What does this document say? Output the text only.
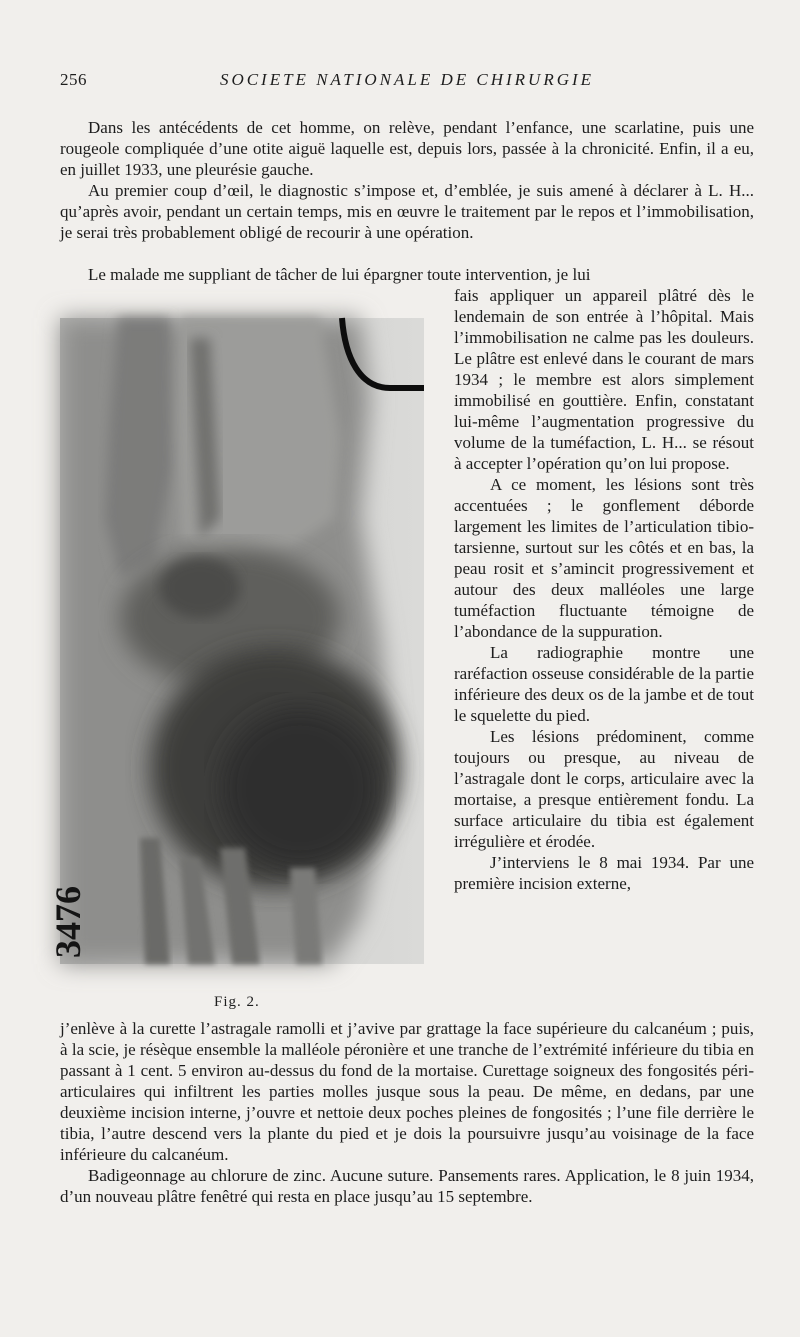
256	SOCIETE NATIONALE DE CHIRURGIE

Dans les antécédents de cet homme, on relève, pendant l’enfance, une scarlatine, puis une rougeole compliquée d’une otite aiguë laquelle est, depuis lors, passée à la chronicité. Enfin, il a eu, en juillet 1933, une pleurésie gauche.

Au premier coup d’œil, le diagnostic s’impose et, d’emblée, je suis amené à déclarer à L. H... qu’après avoir, pendant un certain temps, mis en œuvre le traitement par le repos et l’immobilisation, je serai très probablement obligé de recourir à une opération.

Le malade me suppliant de tâcher de lui épargner toute intervention, je lui
3476

fais appliquer un appareil plâtré dès le lendemain de son entrée à l’hôpital. Mais l’immobilisation ne calme pas les douleurs. Le plâtre est enlevé dans le courant de mars 1934 ; le membre est alors simplement immobilisé en gouttière. Enfin, constatant lui-même l’augmentation progressive du volume de la tuméfaction, L. H... se résout à accepter l’opération qu’on lui propose.

A ce moment, les lésions sont très accentuées ; le gonflement déborde largement les limites de l’articulation tibio-tarsienne, surtout sur les côtés et en bas, la peau rosit et s’amincit progressivement et autour des deux malléoles une large tuméfaction fluctuante témoigne de l’abondance de la suppuration.

La radiographie montre une raréfaction osseuse considérable de la partie inférieure des deux os de la jambe et de tout le squelette du pied.

Les lésions prédominent, comme toujours ou presque, au niveau de l’astragale dont le corps, articulaire avec la mortaise, a presque entièrement fondu. La surface articulaire du tibia est également irrégulière et érodée.

J’interviens le 8 mai 1934. Par une première incision externe,

Fig. 2.

j’enlève à la curette l’astragale ramolli et j’avive par grattage la face supérieure du calcanéum ; puis, à la scie, je résèque ensemble la malléole péronière et une tranche de l’extrémité inférieure du tibia en passant à 1 cent. 5 environ au-dessus du fond de la mortaise. Curettage soigneux des fongosités péri-articulaires qui infiltrent les parties molles jusque sous la peau. De même, en dedans, par une deuxième incision interne, j’ouvre et nettoie deux poches pleines de fongosités ; l’une file derrière le tibia, l’autre descend vers la plante du pied et je dois la poursuivre jusqu’au voisinage de la face inférieure du calcanéum.

Badigeonnage au chlorure de zinc. Aucune suture. Pansements rares. Application, le 8 juin 1934, d’un nouveau plâtre fenêtré qui resta en place jusqu’au 15 septembre.
